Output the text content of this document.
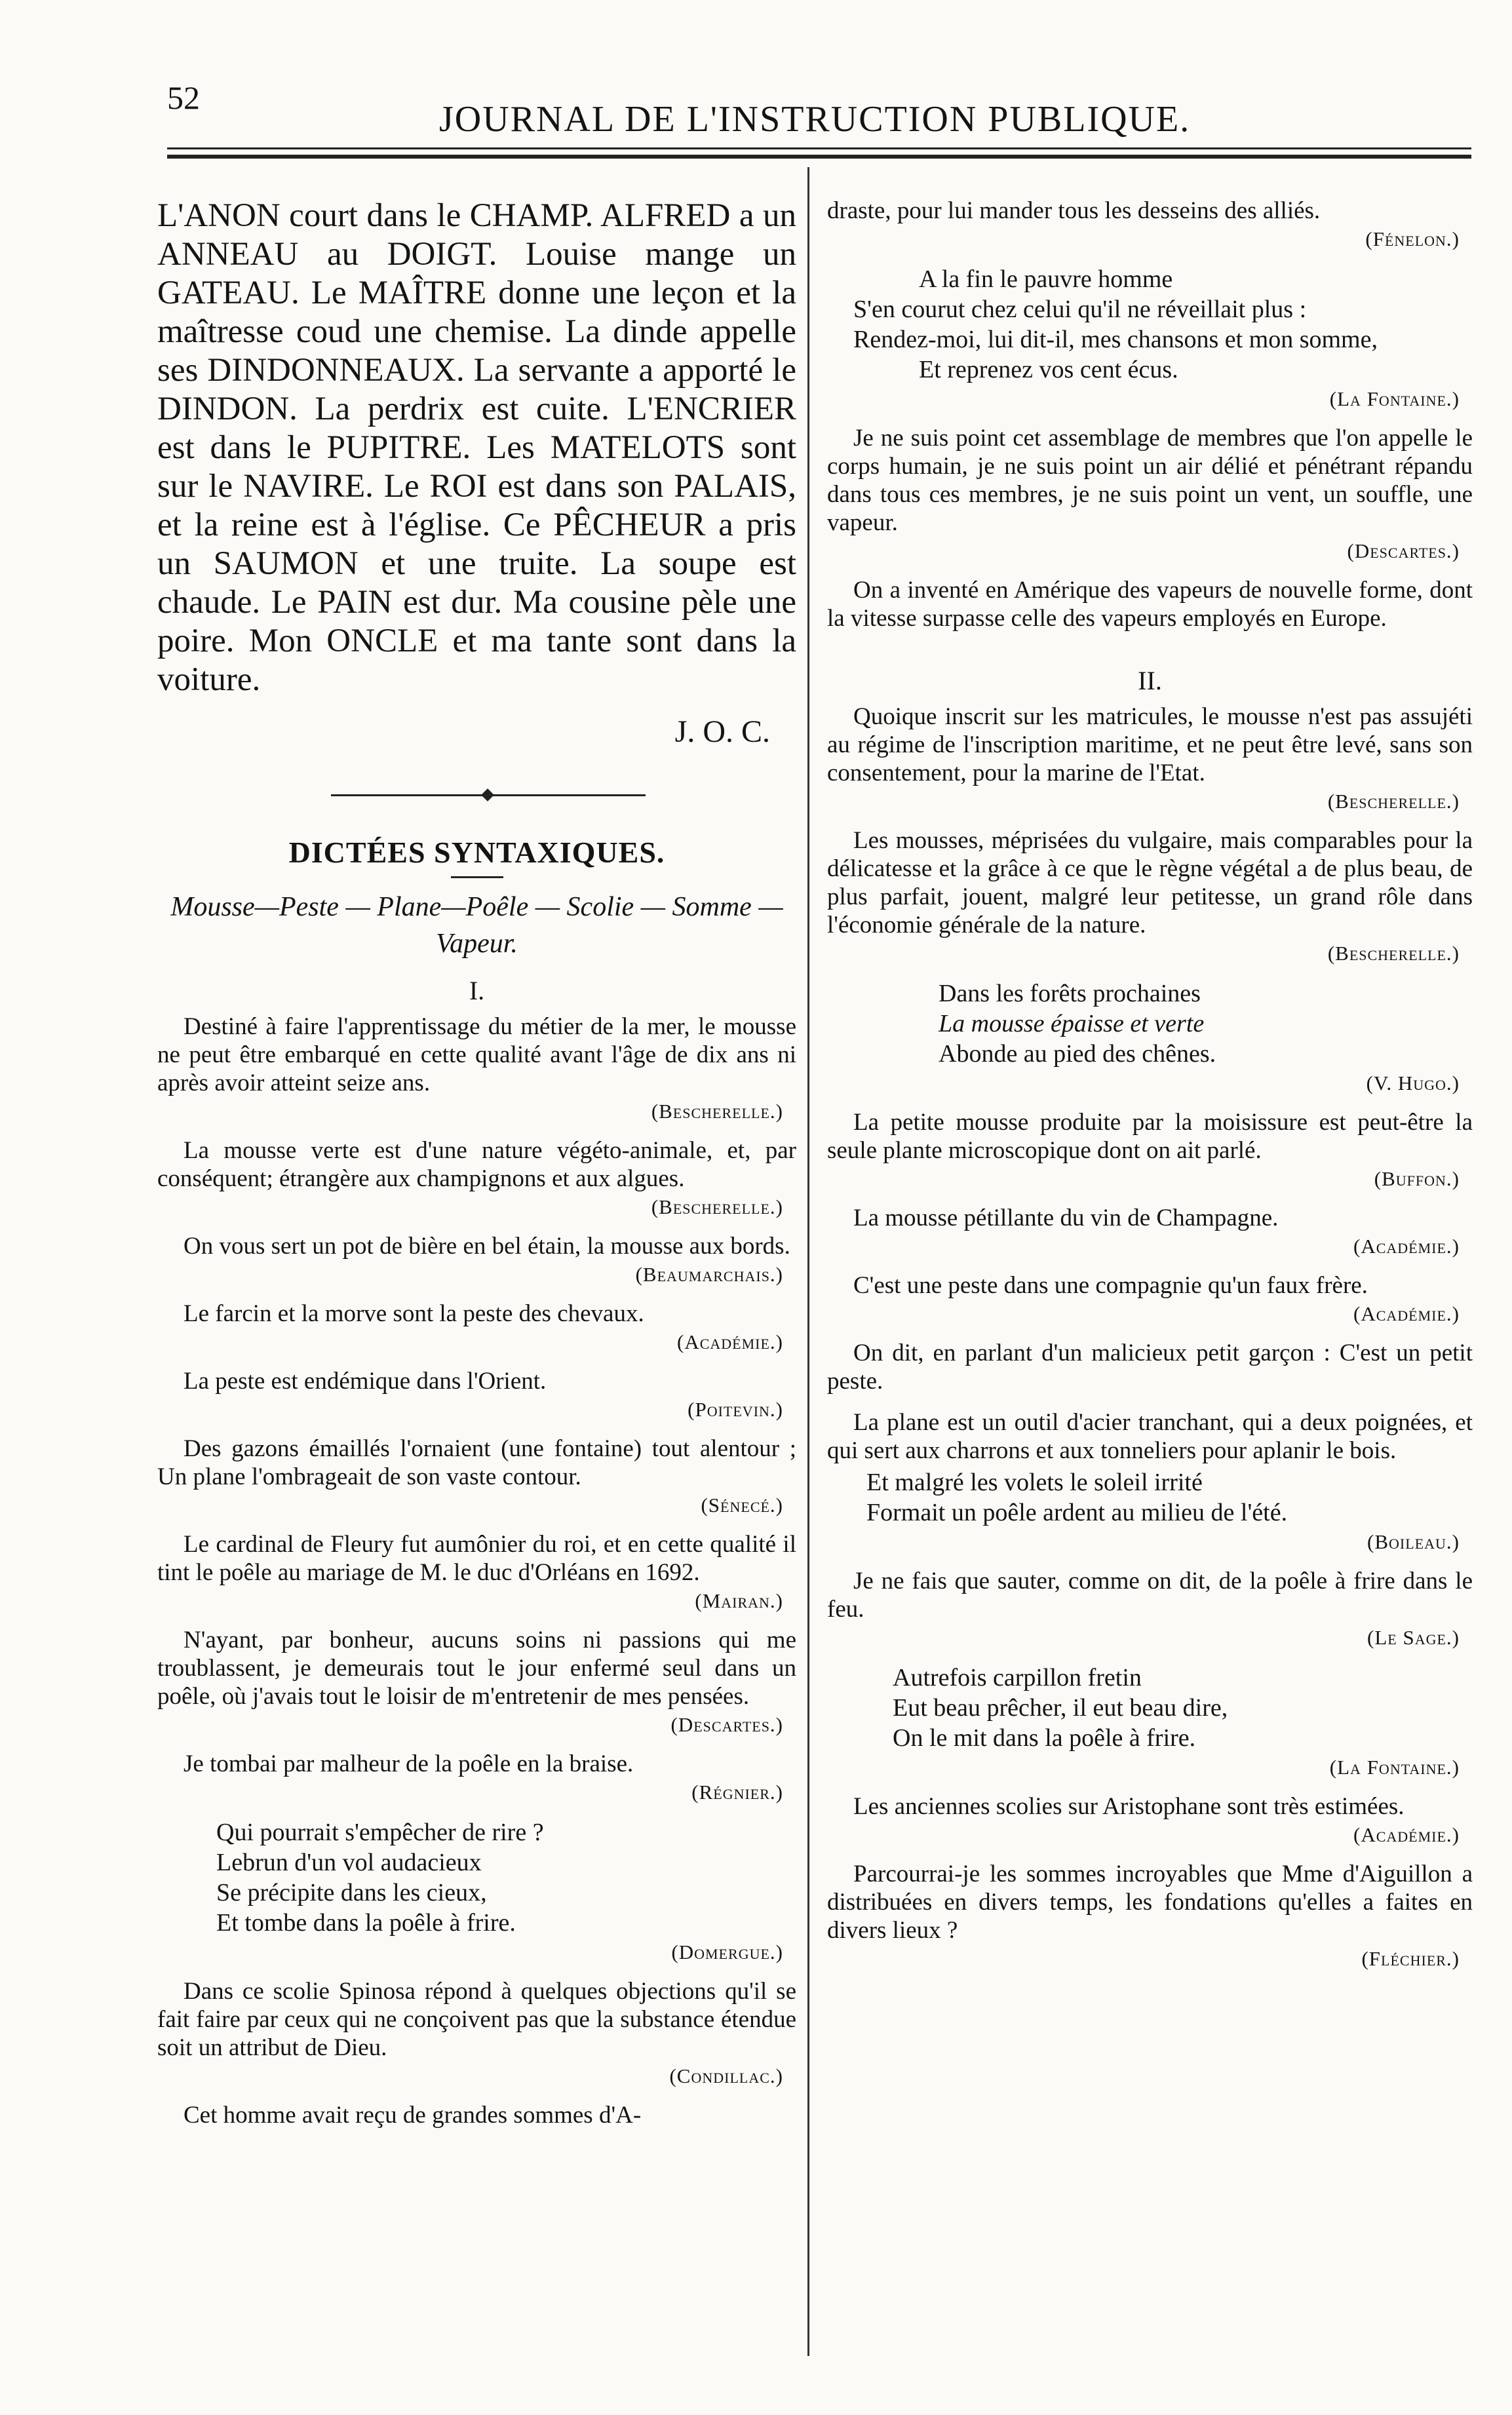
52
JOURNAL DE L'INSTRUCTION PUBLIQUE.

L'ANON court dans le CHAMP. ALFRED a un ANNEAU au DOIGT. Louise mange un GATEAU. Le MAÎTRE donne une leçon et la maîtresse coud une chemise. La dinde appelle ses DINDONNEAUX. La servante a apporté le DINDON. La perdrix est cuite. L'ENCRIER est dans le PUPITRE. Les MATELOTS sont sur le NAVIRE. Le ROI est dans son PALAIS, et la reine est à l'église. Ce PÊCHEUR a pris un SAUMON et une truite. La soupe est chaude. Le PAIN est dur. Ma cousine pèle une poire. Mon ONCLE et ma tante sont dans la voiture.

J. O. C.
DICTÉES SYNTAXIQUES.
Mousse—Peste — Plane—Poêle — Scolie — Somme — Vapeur.
I.

Destiné à faire l'apprentissage du métier de la mer, le mousse ne peut être embarqué en cette qualité avant l'âge de dix ans ni après avoir atteint seize ans.

(Bescherelle.)

La mousse verte est d'une nature végéto-animale, et, par conséquent; étrangère aux champignons et aux algues.

(Bescherelle.)

On vous sert un pot de bière en bel étain, la mousse aux bords.

(Beaumarchais.)

Le farcin et la morve sont la peste des chevaux.

(Académie.)

La peste est endémique dans l'Orient.

(Poitevin.)

Des gazons émaillés l'ornaient (une fontaine) tout alentour ; Un plane l'ombrageait de son vaste contour.

(Sénecé.)

Le cardinal de Fleury fut aumônier du roi, et en cette qualité il tint le poêle au mariage de M. le duc d'Orléans en 1692.

(Mairan.)

N'ayant, par bonheur, aucuns soins ni passions qui me troublassent, je demeurais tout le jour enfermé seul dans un poêle, où j'avais tout le loisir de m'entretenir de mes pensées.

(Descartes.)

Je tombai par malheur de la poêle en la braise.

(Régnier.)

Qui pourrait s'empêcher de rire ?

Lebrun d'un vol audacieux

Se précipite dans les cieux,

Et tombe dans la poêle à frire.

(Domergue.)

Dans ce scolie Spinosa répond à quelques objections qu'il se fait faire par ceux qui ne conçoivent pas que la substance étendue soit un attribut de Dieu.

(Condillac.)

Cet homme avait reçu de grandes sommes d'A-

draste, pour lui mander tous les desseins des alliés.

(Fénelon.)

A la fin le pauvre homme

S'en courut chez celui qu'il ne réveillait plus :

Rendez-moi, lui dit-il, mes chansons et mon somme,

Et reprenez vos cent écus.

(La Fontaine.)

Je ne suis point cet assemblage de membres que l'on appelle le corps humain, je ne suis point un air délié et pénétrant répandu dans tous ces membres, je ne suis point un vent, un souffle, une vapeur.

(Descartes.)

On a inventé en Amérique des vapeurs de nouvelle forme, dont la vitesse surpasse celle des vapeurs employés en Europe.

II.

Quoique inscrit sur les matricules, le mousse n'est pas assujéti au régime de l'inscription maritime, et ne peut être levé, sans son consentement, pour la marine de l'Etat.

(Bescherelle.)

Les mousses, méprisées du vulgaire, mais comparables pour la délicatesse et la grâce à ce que le règne végétal a de plus beau, de plus parfait, jouent, malgré leur petitesse, un grand rôle dans l'économie générale de la nature.

(Bescherelle.)

Dans les forêts prochaines

La mousse épaisse et verte

Abonde au pied des chênes.

(V. Hugo.)

La petite mousse produite par la moisissure est peut-être la seule plante microscopique dont on ait parlé.

(Buffon.)

La mousse pétillante du vin de Champagne.

(Académie.)

C'est une peste dans une compagnie qu'un faux frère.

(Académie.)

On dit, en parlant d'un malicieux petit garçon : C'est un petit peste.

La plane est un outil d'acier tranchant, qui a deux poignées, et qui sert aux charrons et aux tonneliers pour aplanir le bois.

Et malgré les volets le soleil irrité

Formait un poêle ardent au milieu de l'été.

(Boileau.)

Je ne fais que sauter, comme on dit, de la poêle à frire dans le feu.

(Le Sage.)

Autrefois carpillon fretin

Eut beau prêcher, il eut beau dire,

On le mit dans la poêle à frire.

(La Fontaine.)

Les anciennes scolies sur Aristophane sont très estimées.

(Académie.)

Parcourrai-je les sommes incroyables que Mme d'Aiguillon a distribuées en divers temps, les fondations qu'elles a faites en divers lieux ?

(Fléchier.)
